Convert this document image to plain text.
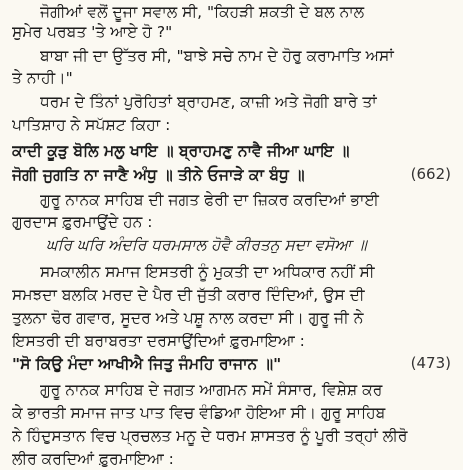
ਜੋਗੀਆਂ ਵਲੋਂ ਦੂਜਾ ਸਵਾਲ ਸੀ, "ਕਿਹੜੀ ਸ਼ਕਤੀ ਦੇ ਬਲ ਨਾਲ
ਸੁਮੇਰ ਪਰਬਤ 'ਤੇ ਆਏ ਹੋ ?"
ਬਾਬਾ ਜੀ ਦਾ ਉੱਤਰ ਸੀ, "ਬਾਝੇ ਸਚੇ ਨਾਮ ਦੇ ਹੋਰੁ ਕਰਾਮਾਤਿ ਅਸਾਂ
ਤੇ ਨਾਹੀ।"
ਧਰਮ ਦੇ ਤਿੰਨਾਂ ਪੁਰੋਹਿਤਾਂ ਬ੍ਰਾਹਮਣ, ਕਾਜ਼ੀ ਅਤੇ ਜੋਗੀ ਬਾਰੇ ਤਾਂ
ਪਾਤਿਸ਼ਾਹ ਨੇ ਸਪੱਸ਼ਟ ਕਿਹਾ :
ਕਾਦੀ ਕੂੜੁ ਬੋਲਿ ਮਲੁ ਖਾਇ ॥ ਬ੍ਰਾਹਮਣੁ ਨਾਵੈ ਜੀਆ ਘਾਇ ॥
ਜੋਗੀ ਜੁਗਤਿ ਨਾ ਜਾਣੈ ਅੰਧੁ ॥ ਤੀਨੇ ਓਜਾੜੇ ਕਾ ਬੰਧੁ ॥	(662)
ਗੁਰੂ ਨਾਨਕ ਸਾਹਿਬ ਦੀ ਜਗਤ ਫੇਰੀ ਦਾ ਜ਼ਿਕਰ ਕਰਦਿਆਂ ਭਾਈ
ਗੁਰਦਾਸ ਫ਼ੁਰਮਾਉਂਦੇ ਹਨ :
ਘਰਿ ਘਰਿ ਅੰਦਰਿ ਧਰਮਸਾਲ ਹੋਵੈ ਕੀਰਤਨੁ ਸਦਾ ਵਸੋਆ ॥
ਸਮਕਾਲੀਨ ਸਮਾਜ ਇਸਤਰੀ ਨੂੰ ਮੁਕਤੀ ਦਾ ਅਧਿਕਾਰ ਨਹੀਂ ਸੀ
ਸਮਝਦਾ ਬਲਕਿ ਮਰਦ ਦੇ ਪੈਰ ਦੀ ਜੁੱਤੀ ਕਰਾਰ ਦਿੰਦਿਆਂ, ਉਸ ਦੀ
ਤੁਲਨਾ ਢੋਰ ਗਵਾਰ, ਸੂਦਰ ਅਤੇ ਪਸ਼ੂ ਨਾਲ ਕਰਦਾ ਸੀ। ਗੁਰੂ ਜੀ ਨੇ
ਇਸਤਰੀ ਦੀ ਬਰਾਬਰਤਾ ਦਰਸਾਉਂਦਿਆਂ ਫ਼ੁਰਮਾਇਆ :
"ਸੋ ਕਿਉ ਮੰਦਾ ਆਖੀਐ ਜਿਤੁ ਜੰਮਹਿ ਰਾਜਾਨ ॥"	(473)
ਗੁਰੂ ਨਾਨਕ ਸਾਹਿਬ ਦੇ ਜਗਤ ਆਗਮਨ ਸਮੇਂ ਸੰਸਾਰ, ਵਿਸ਼ੇਸ਼ ਕਰ
ਕੇ ਭਾਰਤੀ ਸਮਾਜ ਜਾਤ ਪਾਤ ਵਿਚ ਵੰਡਿਆ ਹੋਇਆ ਸੀ। ਗੁਰੂ ਸਾਹਿਬ
ਨੇ ਹਿੰਦੁਸਤਾਨ ਵਿਚ ਪ੍ਰਚਲਤ ਮਨੂ ਦੇ ਧਰਮ ਸ਼ਾਸਤਰ ਨੂੰ ਪੂਰੀ ਤਰ੍ਹਾਂ ਲੀਰੋ
ਲੀਰ ਕਰਦਿਆਂ ਫ਼ੁਰਮਾਇਆ :
